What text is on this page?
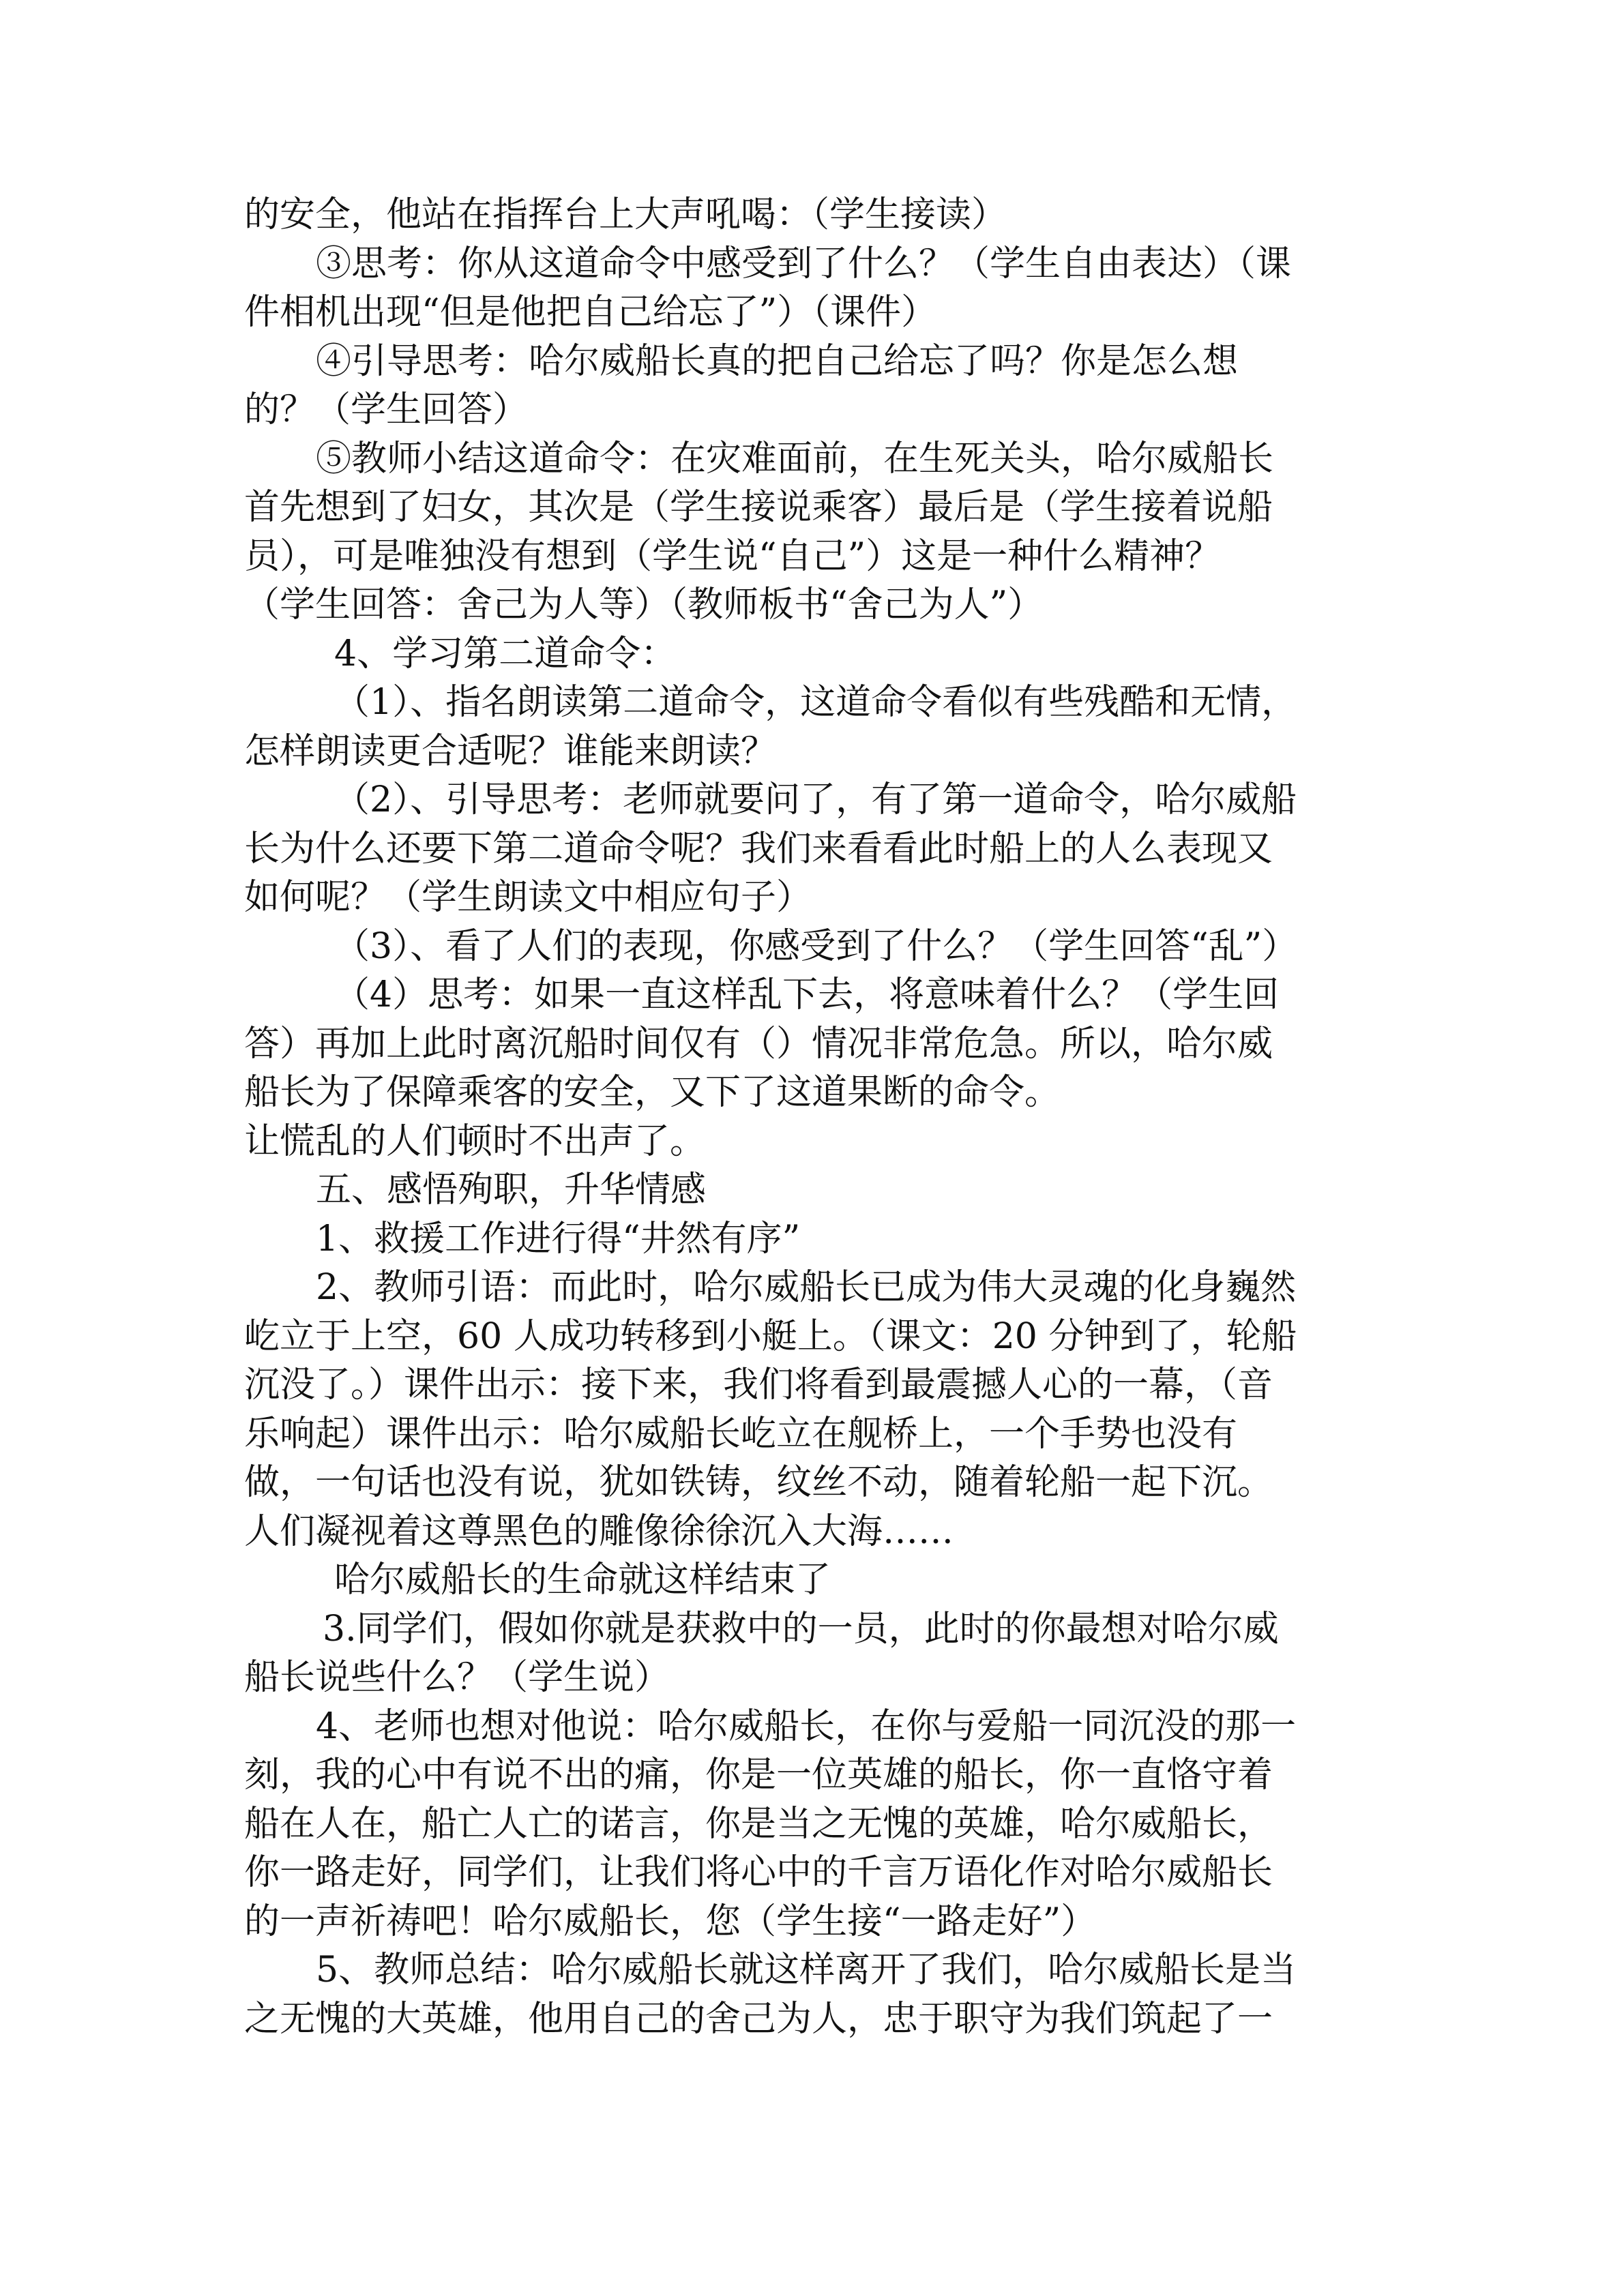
的安全，他站在指挥台上大声吼喝：（学生接读）
③思考：你从这道命令中感受到了什么？（学生自由表达）（课
件相机出现“但是他把自己给忘了”）（课件）
④引导思考：哈尔威船长真的把自己给忘了吗？你是怎么想
的？（学生回答）
⑤教师小结这道命令：在灾难面前，在生死关头，哈尔威船长
首先想到了妇女，其次是（学生接说乘客）最后是（学生接着说船
员），可是唯独没有想到（学生说“自己”）这是一种什么精神？
（学生回答：舍己为人等）（教师板书“舍己为人”）
4、学习第二道命令：
（1）、指名朗读第二道命令，这道命令看似有些残酷和无情，
怎样朗读更合适呢？谁能来朗读？
（2）、引导思考：老师就要问了，有了第一道命令，哈尔威船
长为什么还要下第二道命令呢？我们来看看此时船上的人么表现又
如何呢？（学生朗读文中相应句子）
（3）、看了人们的表现，你感受到了什么？（学生回答“乱”）
（4）思考：如果一直这样乱下去，将意味着什么？（学生回
答）再加上此时离沉船时间仅有（）情况非常危急。所以，哈尔威
船长为了保障乘客的安全，又下了这道果断的命令。
让慌乱的人们顿时不出声了。
五、感悟殉职，升华情感
1、救援工作进行得“井然有序”
2、教师引语：而此时，哈尔威船长已成为伟大灵魂的化身巍然
屹立于上空，60 人成功转移到小艇上。（课文：20 分钟到了，轮船
沉没了。）课件出示：接下来，我们将看到最震撼人心的一幕，（音
乐响起）课件出示：哈尔威船长屹立在舰桥上，一个手势也没有
做，一句话也没有说，犹如铁铸，纹丝不动，随着轮船一起下沉。
人们凝视着这尊黑色的雕像徐徐沉入大海……
哈尔威船长的生命就这样结束了
3.同学们，假如你就是获救中的一员，此时的你最想对哈尔威
船长说些什么？（学生说）
4、老师也想对他说：哈尔威船长，在你与爱船一同沉没的那一
刻，我的心中有说不出的痛，你是一位英雄的船长，你一直恪守着
船在人在，船亡人亡的诺言，你是当之无愧的英雄，哈尔威船长，
你一路走好，同学们，让我们将心中的千言万语化作对哈尔威船长
的一声祈祷吧！哈尔威船长，您（学生接“一路走好”）
5、教师总结：哈尔威船长就这样离开了我们，哈尔威船长是当
之无愧的大英雄，他用自己的舍己为人，忠于职守为我们筑起了一
